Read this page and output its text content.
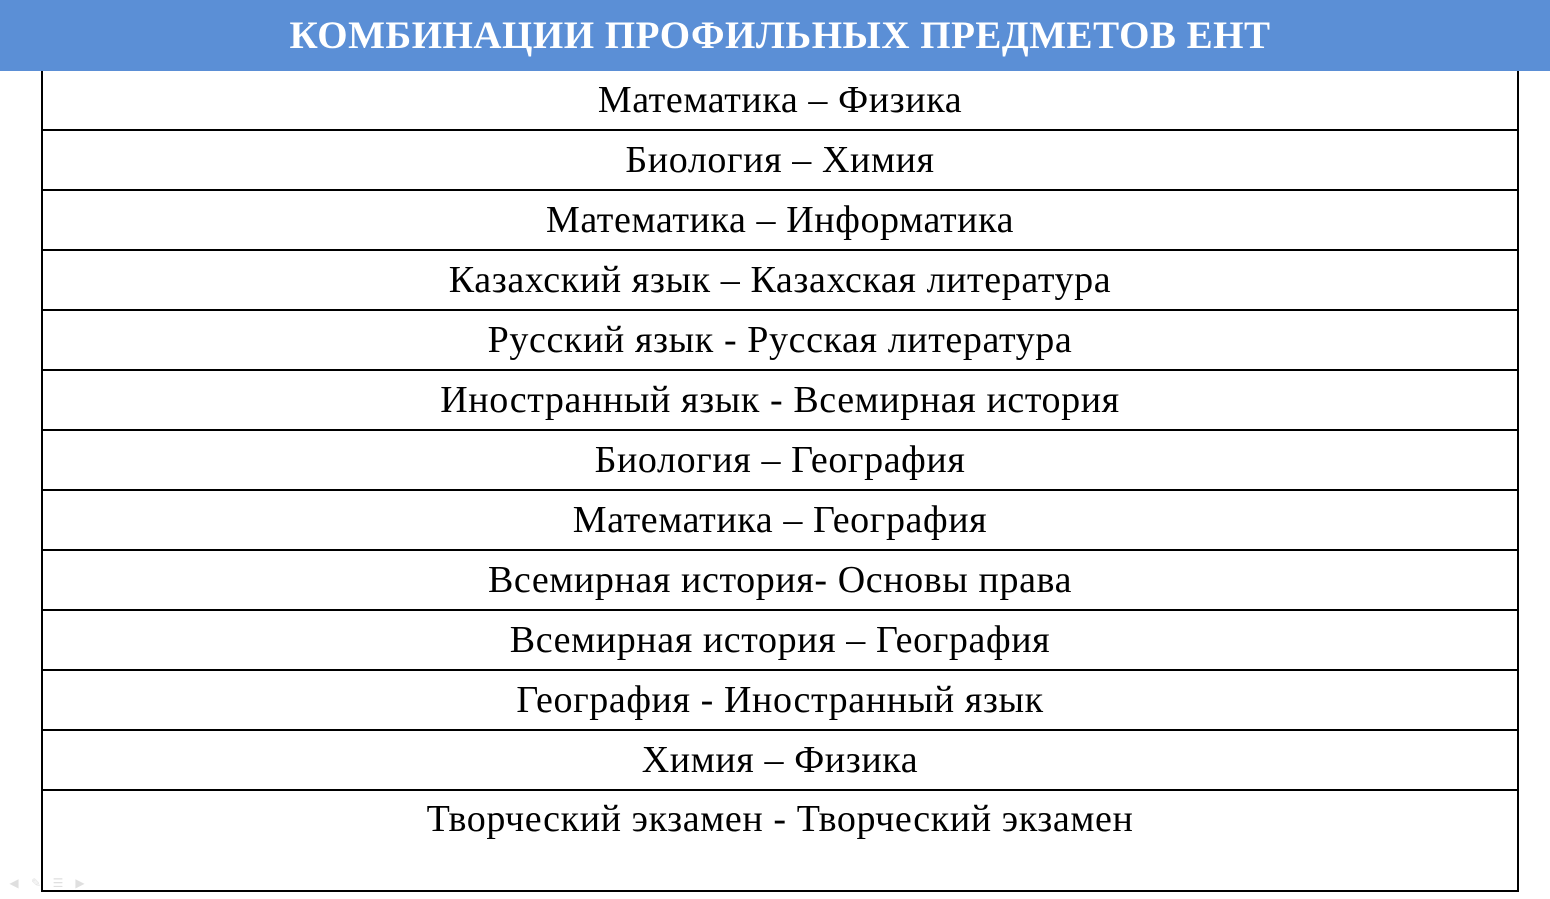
КОМБИНАЦИИ ПРОФИЛЬНЫХ ПРЕДМЕТОВ ЕНТ
Математика – Физика
Биология – Химия
Математика – Информатика
Казахский язык – Казахская литература
Русский язык - Русская литература
Иностранный язык - Всемирная история
Биология – География
Математика – География
Всемирная история- Основы права
Всемирная история – География
География - Иностранный язык
Химия – Физика
Творческий экзамен - Творческий экзамен
◀ ✎ ☰ ▶
